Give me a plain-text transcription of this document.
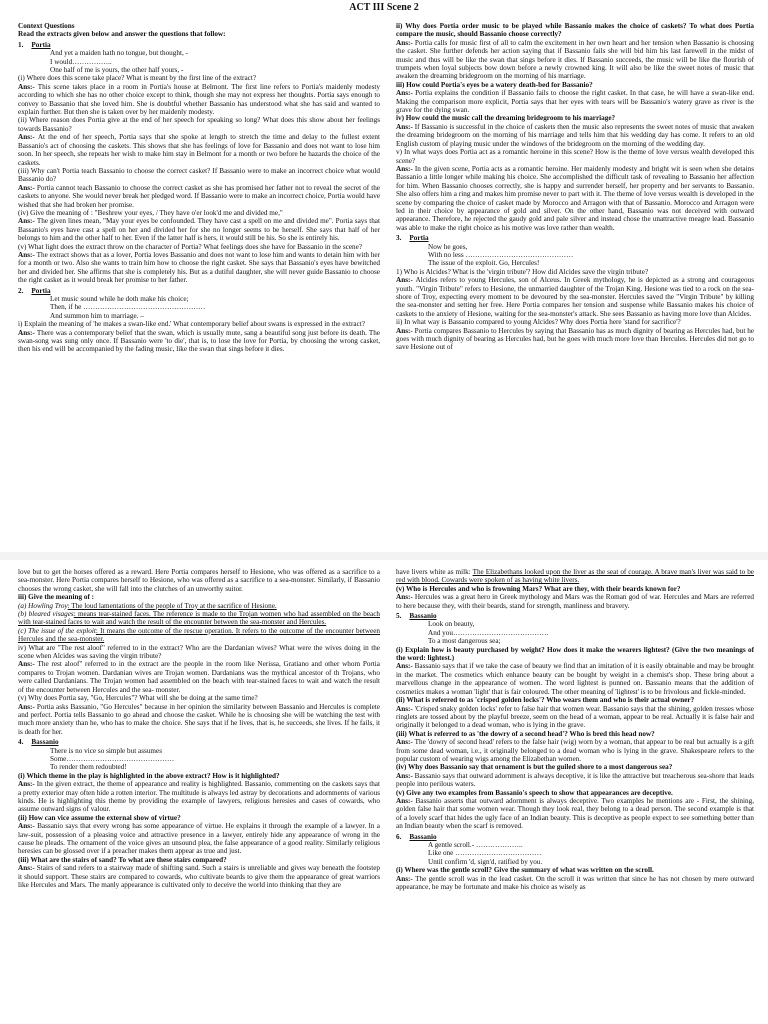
ACT III Scene 2

Context Questions

Read the extracts given below and answer the questions that follow:

1. Portia

And yet a maiden hath no tongue, but thought, -

I would……………..

One half of me is yours, the other half yours, -

(i) Where does this scene take place? What is meant by the first line of the extract?

Ans:- This scene takes place in a room in Portia's house at Belmont. The first line refers to Portia's maidenly modesty according to which she has no other choice except to think, though she may not express her thoughts. Portia says enough to convey to Bassanio that she loved him. She is doubtful whether Bassanio has understood what she has said and wanted to explain further. But then she is taken over by her maidenly modesty.

(ii) Where reason does Portia give at the end of her speech for speaking so long? What does this show about her feelings towards Bassanio?

Ans:- At the end of her speech, Portia says that she spoke at length to stretch the time and delay to the fullest extent Bassanio's act of choosing the caskets. This shows that she has feelings of love for Bassanio and does not want to lose him soon. In her speech, she repeats her wish to make him stay in Belmont for a month or two before he hazards the choice of the caskets.

(iii) Why can't Portia teach Bassanio to choose the correct casket? If Bassanio were to make an incorrect choice what would Bassanio do?

Ans:- Portia cannot teach Bassanio to choose the correct casket as she has promised her father not to reveal the secret of the caskets to anyone. She would never break her pledged word. If Bassanio were to make an incorrect choice, Portia would have wished that she had broken her promise.

(iv) Give the meaning of : "Beshrew your eyes, / They have o'er look'd me and divided me,"

Ans:- The given lines mean, "May your eyes be confounded. They have cast a spell on me and divided me". Portia says that Bassanio's eyes have cast a spell on her and divided her for she no longer seems to be herself. She says that half of her belongs to him and the other half to her. Even if the latter half is hers, it would still be his. So she is entirely his.

(v) What light does the extract throw on the character of Portia? What feelings does she have for Bassanio in the scene?

Ans:- The extract shows that as a lover, Portia loves Bassanio and does not want to lose him and wants to detain him with her for a month or two. Also she wants to train him how to choose the right casket. She says that Bassanio's eyes have bewitched her and divided her. She affirms that she is completely his. But as a dutiful daughter, she will never guide Bassanio to choose the right casket as it would break her promise to her father.

2. Portia

Let music sound while he doth make his choice;

Then, if he ……………………………………………

And summon him to marriage. –

i) Explain the meaning of 'he makes a swan-like end.' What contemporary belief about swans is expressed in the extract?

Ans:- There was a contemporary belief that the swan, which is usually mute, sang a beautiful song just before its death. The swan-song was sung only once. If Bassanio were 'to die', that is, to lose the love for Portia, by choosing the wrong casket, then his end will be accompanied by the fading music, like the swan that sings before it dies.

ii) Why does Portia order music to be played while Bassanio makes the choice of caskets? To what does Portia compare the music, should Bassanio choose correctly?

Ans:- Portia calls for music first of all to calm the excitement in her own heart and her tension when Bassanio is choosing the casket. She further defends her action saying that if Bassanio fails she will bid him his last farewell in the midst of music and thus will be like the swan that sings before it dies. If Bassanio succeeds, the music will be like the flourish of trumpets when loyal subjects bow down before a newly crowned king. It will also be like the sweet notes of music that awaken the dreaming bridegroom on the morning of his marriage.

iii) How could Portia's eyes be a watery death-bed for Bassanio?

Ans:- Portia explains the condition if Bassanio fails to choose the right casket. In that case, he will have a swan-like end. Making the comparison more explicit, Portia says that her eyes with tears will be Bassanio's watery grave as river is the grave for the dying swan.

iv) How could the music call the dreaming bridegroom to his marriage?

Ans:- If Bassanio is successful in the choice of caskets then the music also represents the sweet notes of music that awaken the dreaming bridegroom on the morning of his marriage and tells him that his wedding day has come. It refers to an old English custom of playing music under the windows of the bridegroom on the morning of the wedding day.

v) In what ways does Portia act as a romantic heroine in this scene? How is the theme of love versus wealth developed this scene?

Ans:- In the given scene, Portia acts as a romantic heroine. Her maidenly modesty and bright wit is seen when she detains Bassanio a little longer while making his choice. She accomplished the difficult task of revealing to Bassanio her affection for him. When Bassanio chooses correctly, she is happy and surrender herself, her property and her servants to Bassanio. She also offers him a ring and makes him promise never to part with it. The theme of love versus wealth is developed in the scene by comparing the choice of casket made by Morocco and Arragon with that of Bassanio. Morocco and Arragon were led in their choice by appearance of gold and silver. On the other hand, Bassanio was not deceived with outward appearance. Therefore, he rejected the gaudy gold and pale silver and instead chose the unattractive meagre lead. Bassanio was able to make the right choice as his motive was love rather than wealth.

3. Portia

Now he goes,

With no less ………………………………………

The issue of the exploit. Go, Hercules!

1) Who is Alcides? What is the 'virgin tribute'? How did Alcides save the virgin tribute?

Ans:- Alcides refers to young Hercules, son of Alceus. In Greek mythology, he is depicted as a strong and courageous youth. "Virgin Tribute" refers to Hesione, the unmarried daughter of the Trojan King. Hesione was tied to a rock on the sea-shore of Troy, expecting every moment to be devoured by the sea-monster. Hercules saved the "Virgin Tribute" by killing the sea-monster and setting her free. Here Portia compares her tension and suspense while Bassanio makes his choice of caskets to the anxiety of Hesione, waiting for the sea-monster's attack. She sees Bassanio as having more love than Alcides.

ii) In what way is Bassanio compared to young Alcides? Why does Portia here 'stand for sacrifice'?

Ans:- Portia compares Bassanio to Hercules by saying that Bassanio has as much dignity of bearing as Hercules had, but he goes with much dignity of bearing as Hercules had, but he goes with much more love than Hercules. Hercules did not go to save Hesione out of

love but to get the horses offered as a reward. Here Portia compares herself to Hesione, who was offered as a sacrifice to a sea-monster. Here Portia compares herself to Hesione, who was offered as a sacrifice to a sea-monster. Similarly, if Bassanio chooses the wrong casket, she will fall into the clutches of an unworthy suitor.

iii) Give the meaning of :

(a) Howling Troy: The loud lamentations of the people of Troy at the sacrifice of Hesione.

(b) bleared visages: means tear-stained faces. The reference is made to the Trojan women who had assembled on the beach with tear-stained faces to wait and watch the result of the encounter between the sea-monster and Hercules.

(c) The issue of the exploit: It means the outcome of the rescue operation. It refers to the outcome of the encounter between Hercules and the sea-monster.

iv) What are "The rest aloof" referred to in the extract? Who are the Dardanian wives? What were the wives doing in the scene when Alcides was saving the virgin tribute?

Ans:- The rest aloof" referred to in the extract are the people in the room like Nerissa, Gratiano and other whom Portia compares to Trojan women. Dardanian wives are Trojan women. Dardanians was the mythical ancestor of th Trojans, who were called Dardanians. The Trojan women had assembled on the beach with tear-stained faces to wait and watch the result of the encounter between Hercules and the sea- monster.

(v) Why does Portia say, "Go, Hercules"? What will she be doing at the same time?

Ans:- Portia asks Bassanio, "Go Hercules" because in her opinion the similarity between Bassanio and Hercules is complete and perfect. Portia tells Bassanio to go ahead and choose the casket. While he is choosing she will be watching the test with much more anxiety than he, who has to make the choice. She says that if he lives, that is, he succeeds, she lives. If he fails, it is death for her.

4. Bassanio

There is no vice so simple but assumes

Some………………………………………

To render them redoubted!

(i) Which theme in the play is highlighted in the above extract? How is it highlighted?

Ans:- In the given extract, the theme of appearance and reality is highlighted. Bassanio, commenting on the caskets says that a pretty exterior may often hide a rotten interior. The multitude is always led astray by decorations and adornments of various kinds. He is highlighting this theme by providing the example of lawyers, religious heresies and cases of cowards, who assume outward signs of valour.

(ii) How can vice assume the external show of virtue?

Ans:- Bassanio says that every wrong has some appearance of virtue. He explains it through the example of a lawyer. In a law-suit, possession of a pleasing voice and attractive presence in a lawyer, entirely hide any appearance of wrong in the cause he pleads. The ornament of the voice gives an unsound plea, the false appearance of a good reality. Similarly religious heresies can be glossed over if a preacher makes them appear as true and just.

(iii) What are the stairs of sand? To what are these stairs compared?

Ans:- Stairs of sand refers to a stairway made of shifting sand. Such a stairs is unreliable and gives way beneath the footstep it should support. These stairs are compared to cowards, who cultivate beards to give them the appearance of great warriors like Hercules and Mars. The manly appearance is cultivated only to deceive the world into thinking that they are

have livers white as milk: The Elizabethans looked upon the liver as the seat of courage. A brave man's liver was said to be red with blood. Cowards were spoken of as having white livers.

(v) Who is Hercules and who is frowning Mars? What are they, with their beards known for?

Ans:- Hercules was a great hero in Greek mythology and Mars was the Roman god of war. Hercules and Mars are referred to here because they, with their beards, stand for strength, manliness and bravery.

5. Bassanio

Look on beauty,

And you………………………………….

To a most dangerous sea;

(i) Explain how is beauty purchased by weight? How does it make the wearers lightest? (Give the two meanings of the word: lightest.)

Ans:- Bassanio says that if we take the case of beauty we find that an imitation of it is easily obtainable and may be brought in the market. The cosmetics which enhance beauty can be bought by weight in a chemist's shop. These bring about a marvellous change in the appearance of women. The word lightest is punned on. Bassanio means that the addition of cosmetics makes a woman 'light' that is fair coloured. The other meaning of 'lightest' is to be frivolous and fickle-minded.

(ii) What is referred to as 'crisped golden locks'? Who wears them and who is their actual owner?

Ans:- 'Crisped snaky golden locks' refer to false hair that women wear. Bassanio says that the shining, golden tresses whose ringlets are tossed about by the playful breeze, seem on the head of a woman, appear to be real. Actually it is false hair and originally it belonged to a dead woman, who is lying in the grave.

(iii) What is referred to as 'the dowry of a second head'? Who is bred this head now?

Ans:- The 'dowry of second head' refers to the false hair (wig) worn by a woman, that appear to be real but actually is a gift from some dead woman, i.e., it originally belonged to a dead woman who is lying in the grave. Shakespeare refers to the popular custom of wearing wigs among the Elizabethan women.

(iv) Why does Bassanio say that ornament is but the guiled shore to a most dangerous sea?

Ans:- Bassanio says that outward adornment is always deceptive, it is like the attractive but treacherous sea-shore that leads people into perilous waters.

(v) Give any two examples from Bassanio's speech to show that appearances are deceptive.

Ans:- Bassanio asserts that outward adornment is always deceptive. Two examples he mentions are - First, the shining, golden false hair that some women wear. Though they look real, they belong to a dead person. The second example is that of a lovely scarf that hides the ugly face of an Indian beauty. This is deceptive as people expect to see something better than an Indian beauty when the scarf is removed.

6. Bassanio

A gentle scroll.- ………………..

Like one ………………………………

Until confirm 'd, sign'd, ratified by you.

(i) Where was the gentle scroll? Give the summary of what was written on the scroll.

Ans:- The gentle scroll was in the lead casket. On the scroll it was written that since he has not chosen by mere outward appearance, he may be fortunate and make his choice as wisely as
